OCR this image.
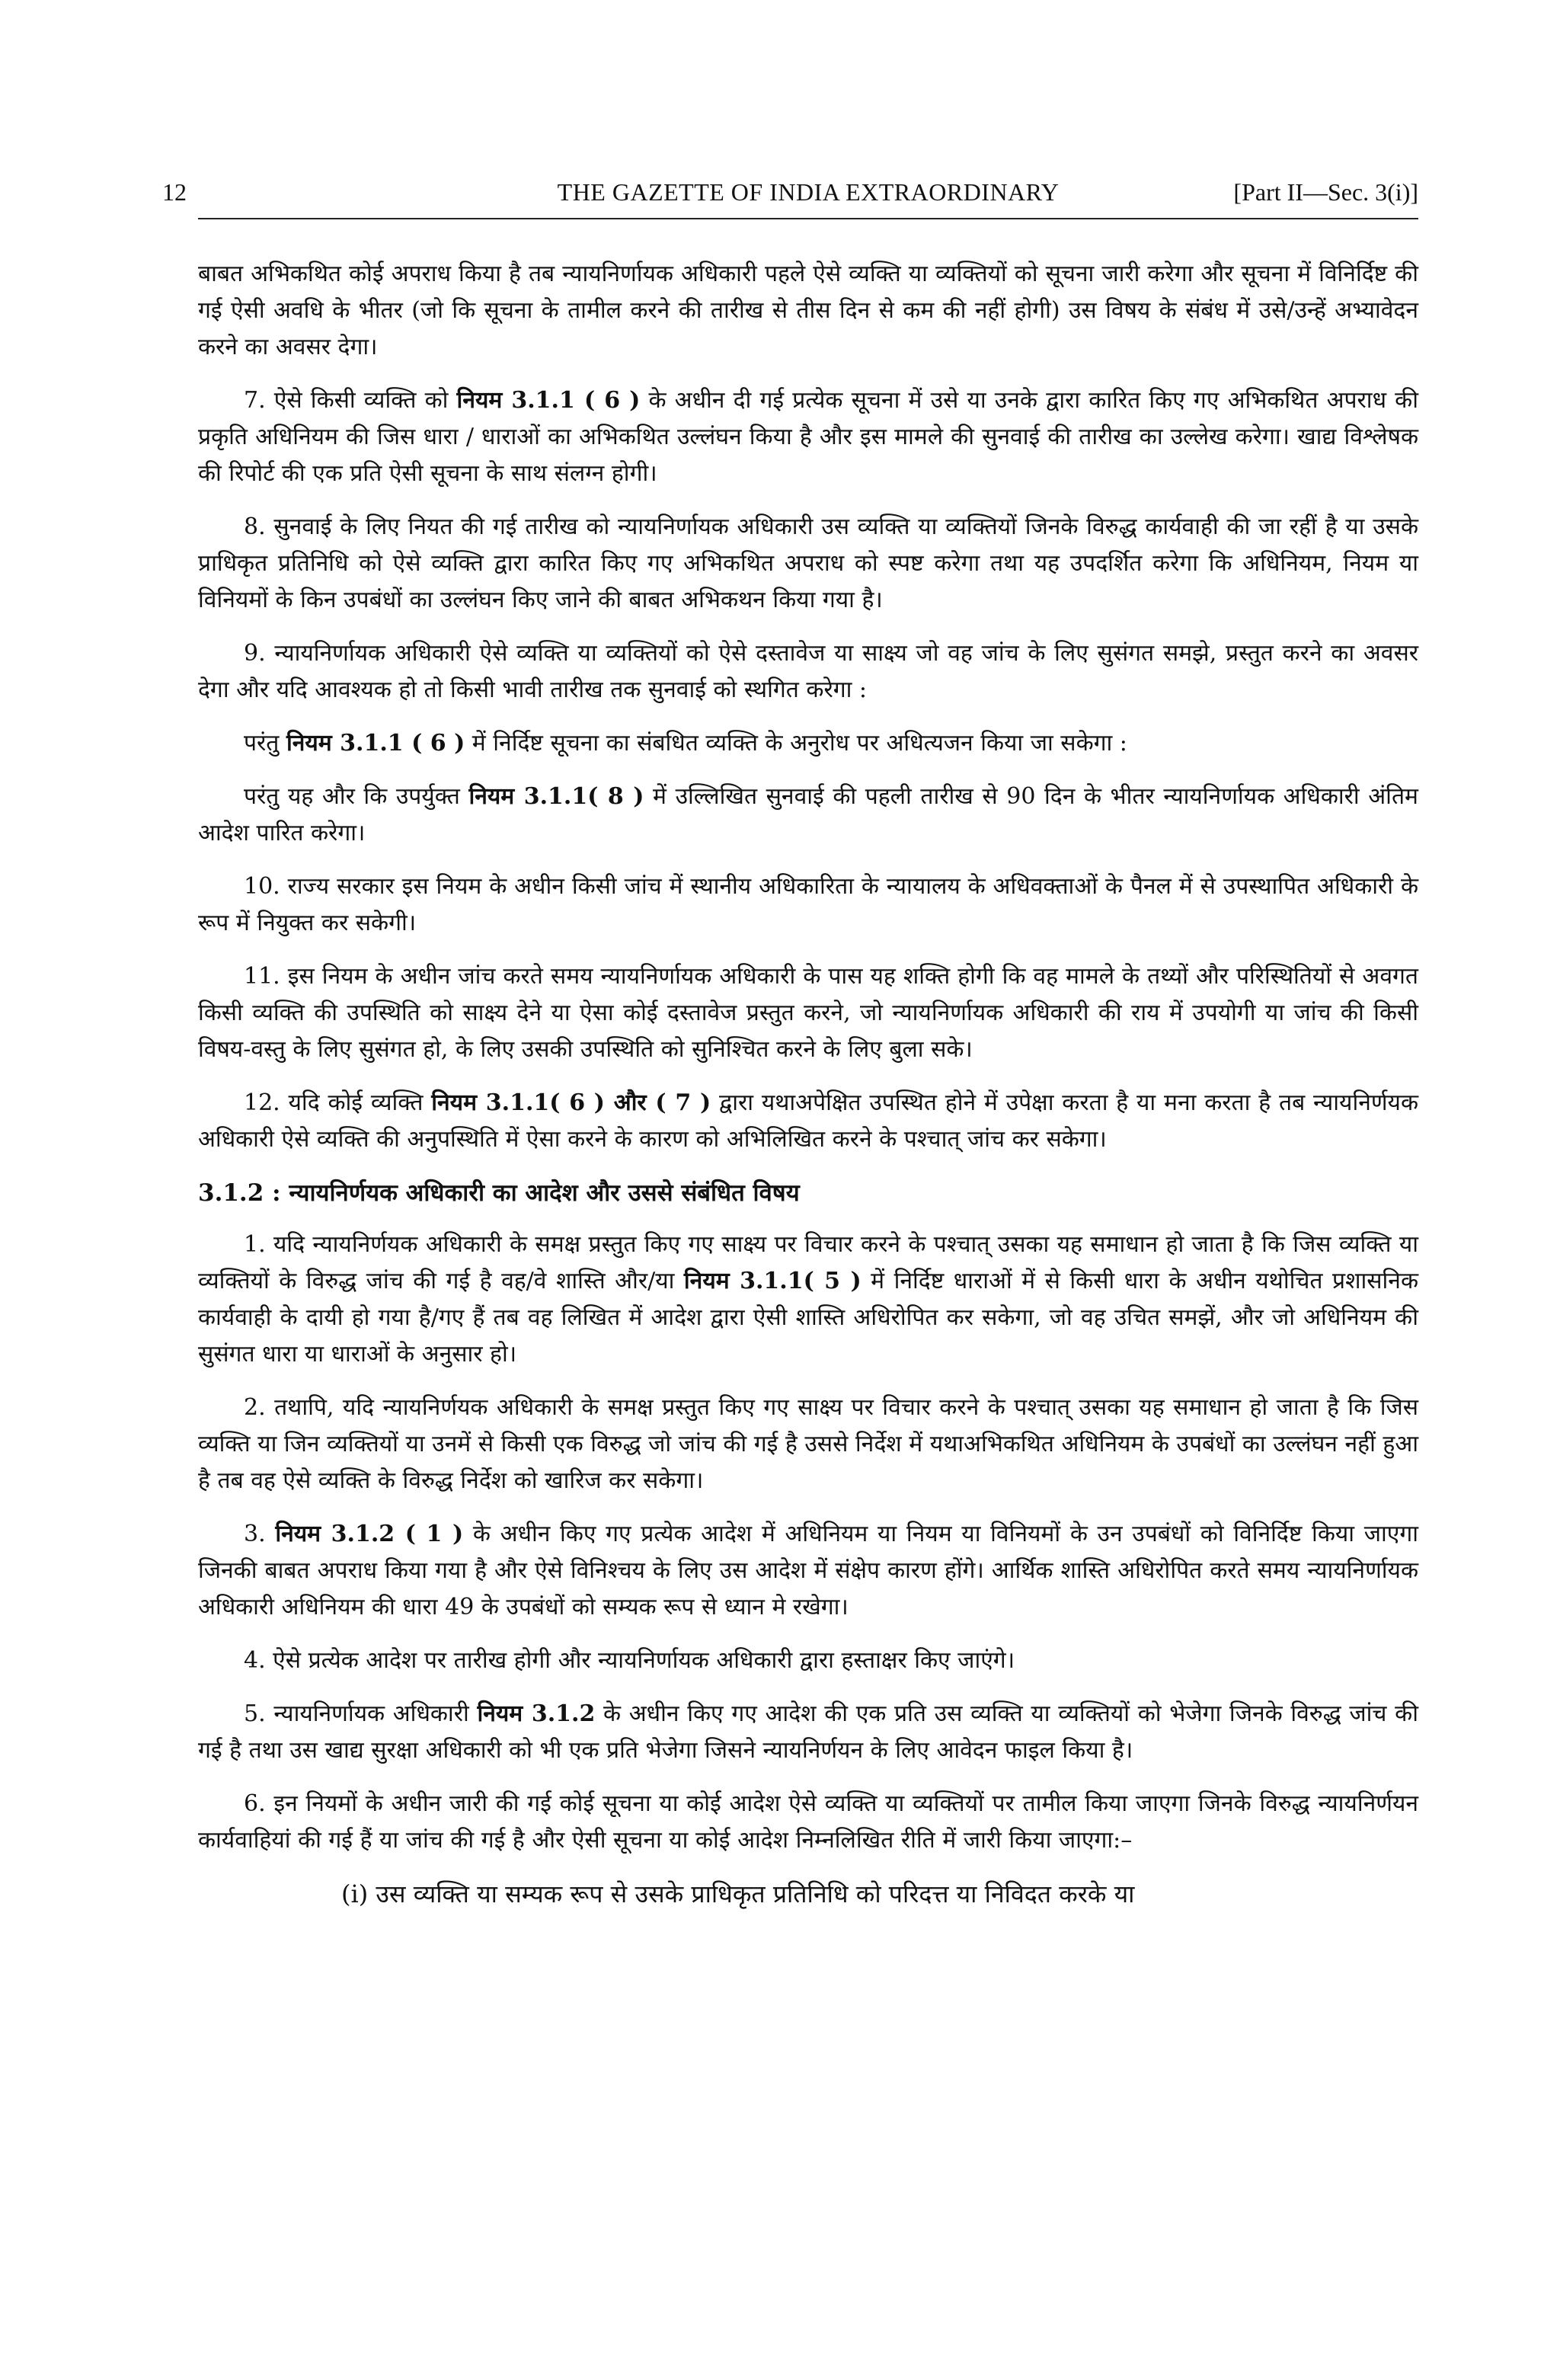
12	THE GAZETTE OF INDIA EXTRAORDINARY	[Part II—Sec. 3(i)]

बाबत अभिकथित कोई अपराध किया है तब न्यायनिर्णायक अधिकारी पहले ऐसे व्यक्ति या व्यक्तियों को सूचना जारी करेगा और सूचना में विनिर्दिष्ट की गई ऐसी अवधि के भीतर (जो कि सूचना के तामील करने की तारीख से तीस दिन से कम की नहीं होगी) उस विषय के संबंध में उसे/उन्हें अभ्यावेदन करने का अवसर देगा।

7. ऐसे किसी व्यक्ति को नियम 3.1.1 ( 6 ) के अधीन दी गई प्रत्येक सूचना में उसे या उनके द्वारा कारित किए गए अभिकथित अपराध की प्रकृति अधिनियम की जिस धारा / धाराओं का अभिकथित उल्लंघन किया है और इस मामले की सुनवाई की तारीख का उल्लेख करेगा। खाद्य विश्लेषक की रिपोर्ट की एक प्रति ऐसी सूचना के साथ संलग्न होगी।

8. सुनवाई के लिए नियत की गई तारीख को न्यायनिर्णायक अधिकारी उस व्यक्ति या व्यक्तियों जिनके विरुद्ध कार्यवाही की जा रहीं है या उसके प्राधिकृत प्रतिनिधि को ऐसे व्यक्ति द्वारा कारित किए गए अभिकथित अपराध को स्पष्ट करेगा तथा यह उपदर्शित करेगा कि अधिनियम, नियम या विनियमों के किन उपबंधों का उल्लंघन किए जाने की बाबत अभिकथन किया गया है।

9. न्यायनिर्णायक अधिकारी ऐसे व्यक्ति या व्यक्तियों को ऐसे दस्तावेज या साक्ष्य जो वह जांच के लिए सुसंगत समझे, प्रस्तुत करने का अवसर देगा और यदि आवश्यक हो तो किसी भावी तारीख तक सुनवाई को स्थगित करेगा :

परंतु नियम 3.1.1 ( 6 ) में निर्दिष्ट सूचना का संबधित व्यक्ति के अनुरोध पर अधित्यजन किया जा सकेगा :

परंतु यह और कि उपर्युक्त नियम 3.1.1( 8 ) में उल्लिखित सुनवाई की पहली तारीख से 90 दिन के भीतर न्यायनिर्णायक अधिकारी अंतिम आदेश पारित करेगा।

10. राज्य सरकार इस नियम के अधीन किसी जांच में स्थानीय अधिकारिता के न्यायालय के अधिवक्ताओं के पैनल में से उपस्थापित अधिकारी के रूप में नियुक्त कर सकेगी।

11. इस नियम के अधीन जांच करते समय न्यायनिर्णायक अधिकारी के पास यह शक्ति होगी कि वह मामले के तथ्यों और परिस्थितियों से अवगत किसी व्यक्ति की उपस्थिति को साक्ष्य देने या ऐसा कोई दस्तावेज प्रस्तुत करने, जो न्यायनिर्णायक अधिकारी की राय में उपयोगी या जांच की किसी विषय-वस्तु के लिए सुसंगत हो, के लिए उसकी उपस्थिति को सुनिश्चित करने के लिए बुला सके।

12. यदि कोई व्यक्ति नियम 3.1.1( 6 ) और ( 7 ) द्वारा यथाअपेक्षित उपस्थित होने में उपेक्षा करता है या मना करता है तब न्यायनिर्णयक अधिकारी ऐसे व्यक्ति की अनुपस्थिति में ऐसा करने के कारण को अभिलिखित करने के पश्चात् जांच कर सकेगा।

3.1.2 : न्यायनिर्णयक अधिकारी का आदेश और उससे संबंधित विषय

1. यदि न्यायनिर्णयक अधिकारी के समक्ष प्रस्तुत किए गए साक्ष्य पर विचार करने के पश्चात् उसका यह समाधान हो जाता है कि जिस व्यक्ति या व्यक्तियों के विरुद्ध जांच की गई है वह/वे शास्ति और/या नियम 3.1.1( 5 ) में निर्दिष्ट धाराओं में से किसी धारा के अधीन यथोचित प्रशासनिक कार्यवाही के दायी हो गया है/गए हैं तब वह लिखित में आदेश द्वारा ऐसी शास्ति अधिरोपित कर सकेगा, जो वह उचित समझें, और जो अधिनियम की सुसंगत धारा या धाराओं के अनुसार हो।

2. तथापि, यदि न्यायनिर्णयक अधिकारी के समक्ष प्रस्तुत किए गए साक्ष्य पर विचार करने के पश्चात् उसका यह समाधान हो जाता है कि जिस व्यक्ति या जिन व्यक्तियों या उनमें से किसी एक विरुद्ध जो जांच की गई है उससे निर्देश में यथाअभिकथित अधिनियम के उपबंधों का उल्लंघन नहीं हुआ है तब वह ऐसे व्यक्ति के विरुद्ध निर्देश को खारिज कर सकेगा।

3. नियम 3.1.2 ( 1 ) के अधीन किए गए प्रत्येक आदेश में अधिनियम या नियम या विनियमों के उन उपबंधों को विनिर्दिष्ट किया जाएगा जिनकी बाबत अपराध किया गया है और ऐसे विनिश्चय के लिए उस आदेश में संक्षेप कारण होंगे। आर्थिक शास्ति अधिरोपित करते समय न्यायनिर्णायक अधिकारी अधिनियम की धारा 49 के उपबंधों को सम्यक रूप से ध्यान मे रखेगा।

4. ऐसे प्रत्येक आदेश पर तारीख होगी और न्यायनिर्णायक अधिकारी द्वारा हस्ताक्षर किए जाएंगे।

5. न्यायनिर्णायक अधिकारी नियम 3.1.2 के अधीन किए गए आदेश की एक प्रति उस व्यक्ति या व्यक्तियों को भेजेगा जिनके विरुद्ध जांच की गई है तथा उस खाद्य सुरक्षा अधिकारी को भी एक प्रति भेजेगा जिसने न्यायनिर्णयन के लिए आवेदन फाइल किया है।

6. इन नियमों के अधीन जारी की गई कोई सूचना या कोई आदेश ऐसे व्यक्ति या व्यक्तियों पर तामील किया जाएगा जिनके विरुद्ध न्यायनिर्णयन कार्यवाहियां की गई हैं या जांच की गई है और ऐसी सूचना या कोई आदेश निम्नलिखित रीति में जारी किया जाएगा:–

(i) उस व्यक्ति या सम्यक रूप से उसके प्राधिकृत प्रतिनिधि को परिदत्त या निविदत करके या
